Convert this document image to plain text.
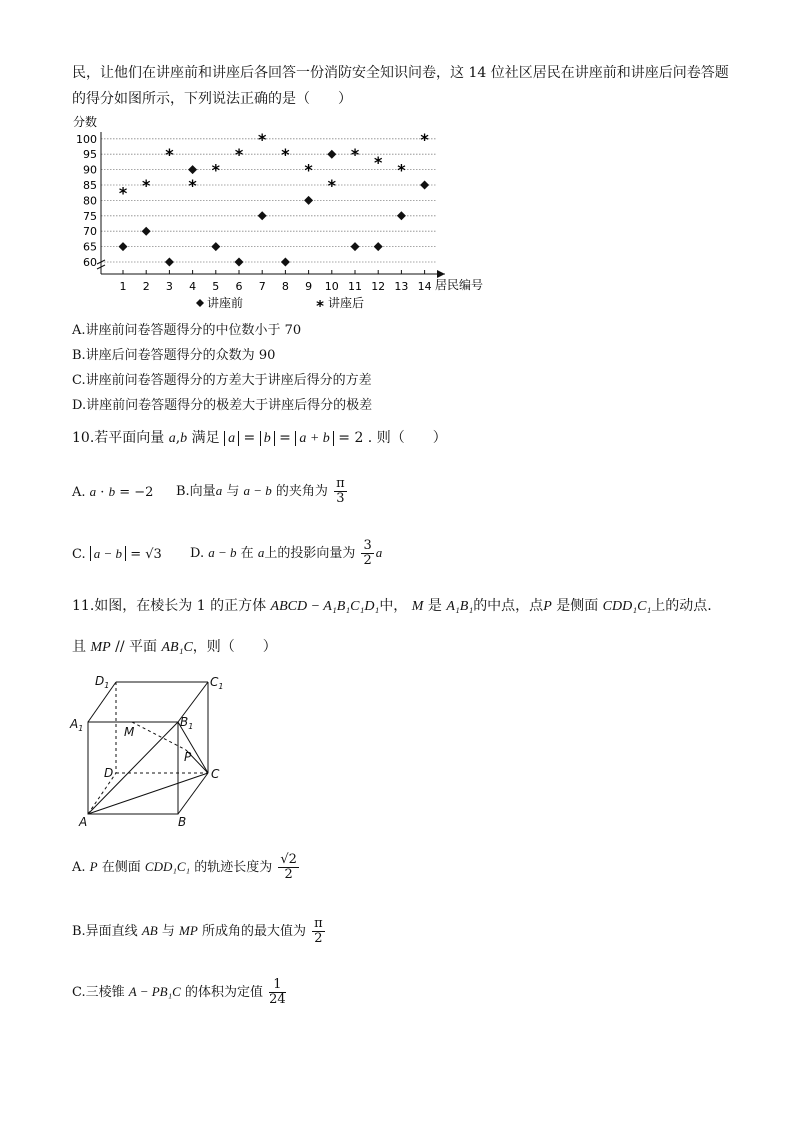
民，让他们在讲座前和讲座后各回答一份消防安全知识问卷，这 14 位社区居民在讲座前和讲座后问卷答题
的得分如图所示，下列说法正确的是（　　）
分数
60
65
70
75
80
85
90
95
100
1 2 3 4 5 6 7 8 9 10 11 12 13 14
* *
*
*
*
*
*
*
*
*
* * *
*
居民编号
讲座前	* 讲座后
A.讲座前问卷答题得分的中位数小于 70
B.讲座后问卷答题得分的众数为 90
C.讲座前问卷答题得分的方差大于讲座后得分的方差
D.讲座前问卷答题得分的极差大于讲座后得分的极差
10.若平面向量 a,b 满足 a = b = a + b = 2 . 则（　　）
A. a · b = −2 B.向量a 与 a − b 的夹角为 $\frac{\pi}{3}$
C. a − b = √3 D. a − b 在 a上的投影向量为 $\frac{3}{2}$ a
11.如图，在棱长为 1 的正方体 ABCD − A₁B₁C₁D₁中， M 是 A₁B₁的中点，点P 是侧面 CDD₁C₁上的动点.
且 MP // 平面 AB₁C，则（　　）
$D_1$	$C_1$
$A_1$	$B_1$
M
P
D	C
A	B
A. P 在侧面 CDD₁C₁ 的轨迹长度为 $\frac{√2}{2}$
B.异面直线 AB 与 MP 所成角的最大值为 $\frac{\pi}{2}$
C.三棱锥 A − PB₁C 的体积为定值 $\frac{1}{24}$
